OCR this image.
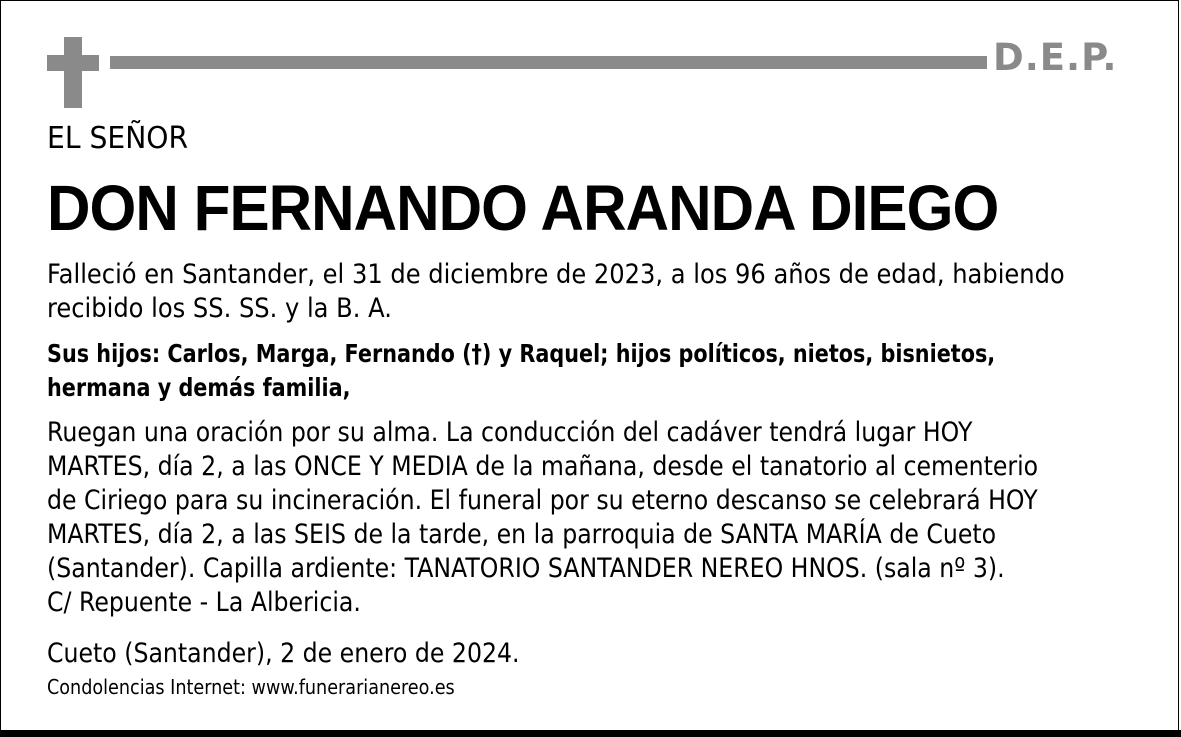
D.E.P.
EL SEÑOR
DON FERNANDO ARANDA DIEGO
Falleció en Santander, el 31 de diciembre de 2023, a los 96 años de edad, habiendo
recibido los SS. SS. y la B. A.
Sus hijos: Carlos, Marga, Fernando (†) y Raquel; hijos políticos, nietos, bisnietos,
hermana y demás familia,
Ruegan una oración por su alma. La conducción del cadáver tendrá lugar HOY
MARTES, día 2, a las ONCE Y MEDIA de la mañana, desde el tanatorio al cementerio
de Ciriego para su incineración. El funeral por su eterno descanso se celebrará HOY
MARTES, día 2, a las SEIS de la tarde, en la parroquia de SANTA MARÍA de Cueto
(Santander). Capilla ardiente: TANATORIO SANTANDER NEREO HNOS. (sala nº 3).
C/ Repuente - La Albericia.
Cueto (Santander), 2 de enero de 2024.
Condolencias Internet: www.funerarianereo.es
